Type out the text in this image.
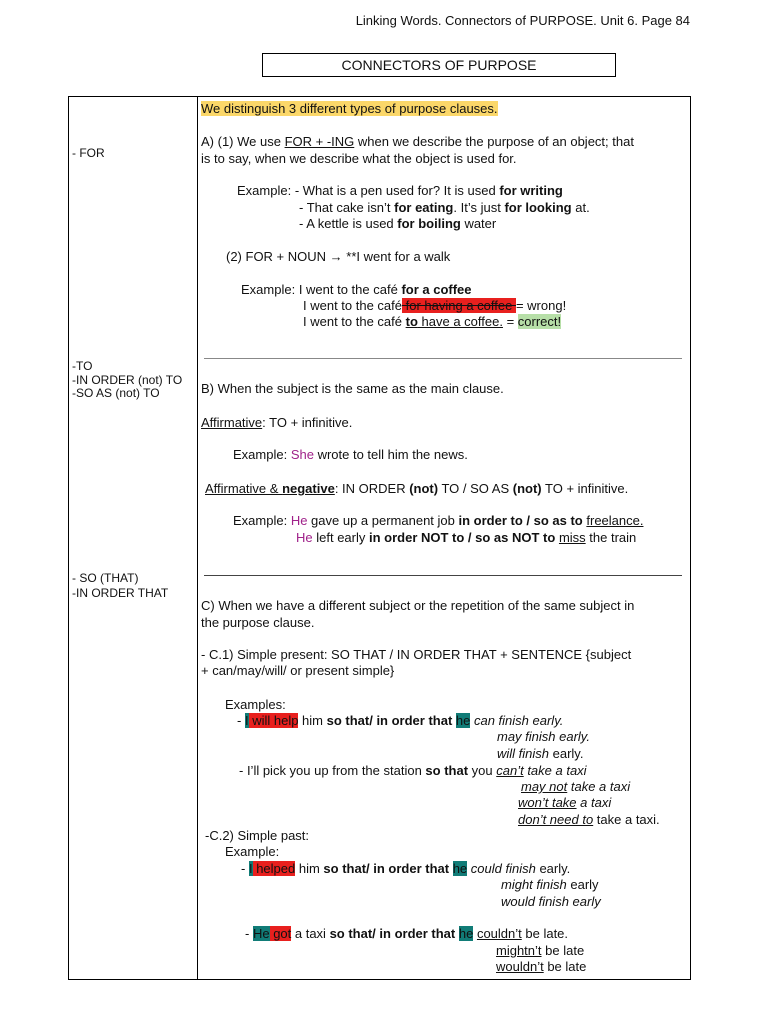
Linking Words. Connectors of PURPOSE. Unit 6. Page 84
CONNECTORS OF PURPOSE
- FOR
-TO
-IN ORDER (not) TO
-SO AS (not) TO
- SO (THAT)
-IN ORDER THAT
We distinguish 3 different types of purpose clauses.
A) (1) We use FOR + -ING when we describe the purpose of an object; that
is to say, when we describe what the object is used for.
Example: - What is a pen used for? It is used for writing
- That cake isn’t for eating. It’s just for looking at.
- A kettle is used for boiling water
(2) FOR + NOUN → **I went for a walk
Example: I went to the café for a coffee
I went to the café for having a coffee = wrong!
I went to the café to have a coffee. = correct!
B) When the subject is the same as the main clause.
Affirmative: TO + infinitive.
Example: She wrote to tell him the news.
Affirmative & negative: IN ORDER (not) TO / SO AS (not) TO + infinitive.
Example: He gave up a permanent job in order to / so as to freelance.
He left early in order NOT to / so as NOT to miss the train
C) When we have a different subject or the repetition of the same subject in
the purpose clause.
- C.1) Simple present: SO THAT / IN ORDER THAT + SENTENCE {subject
+ can/may/will/ or present simple}
Examples:
- I will help him so that/ in order that he can finish early.
may finish early.
will finish early.
- I’ll pick you up from the station so that you can’t take a taxi
may not take a taxi
won’t take a taxi
don’t need to take a taxi.
-C.2) Simple past:
Example:
- I helped him so that/ in order that he could finish early.
might finish early
would finish early
- He got a taxi so that/ in order that he couldn’t be late.
mightn’t be late
wouldn’t be late
